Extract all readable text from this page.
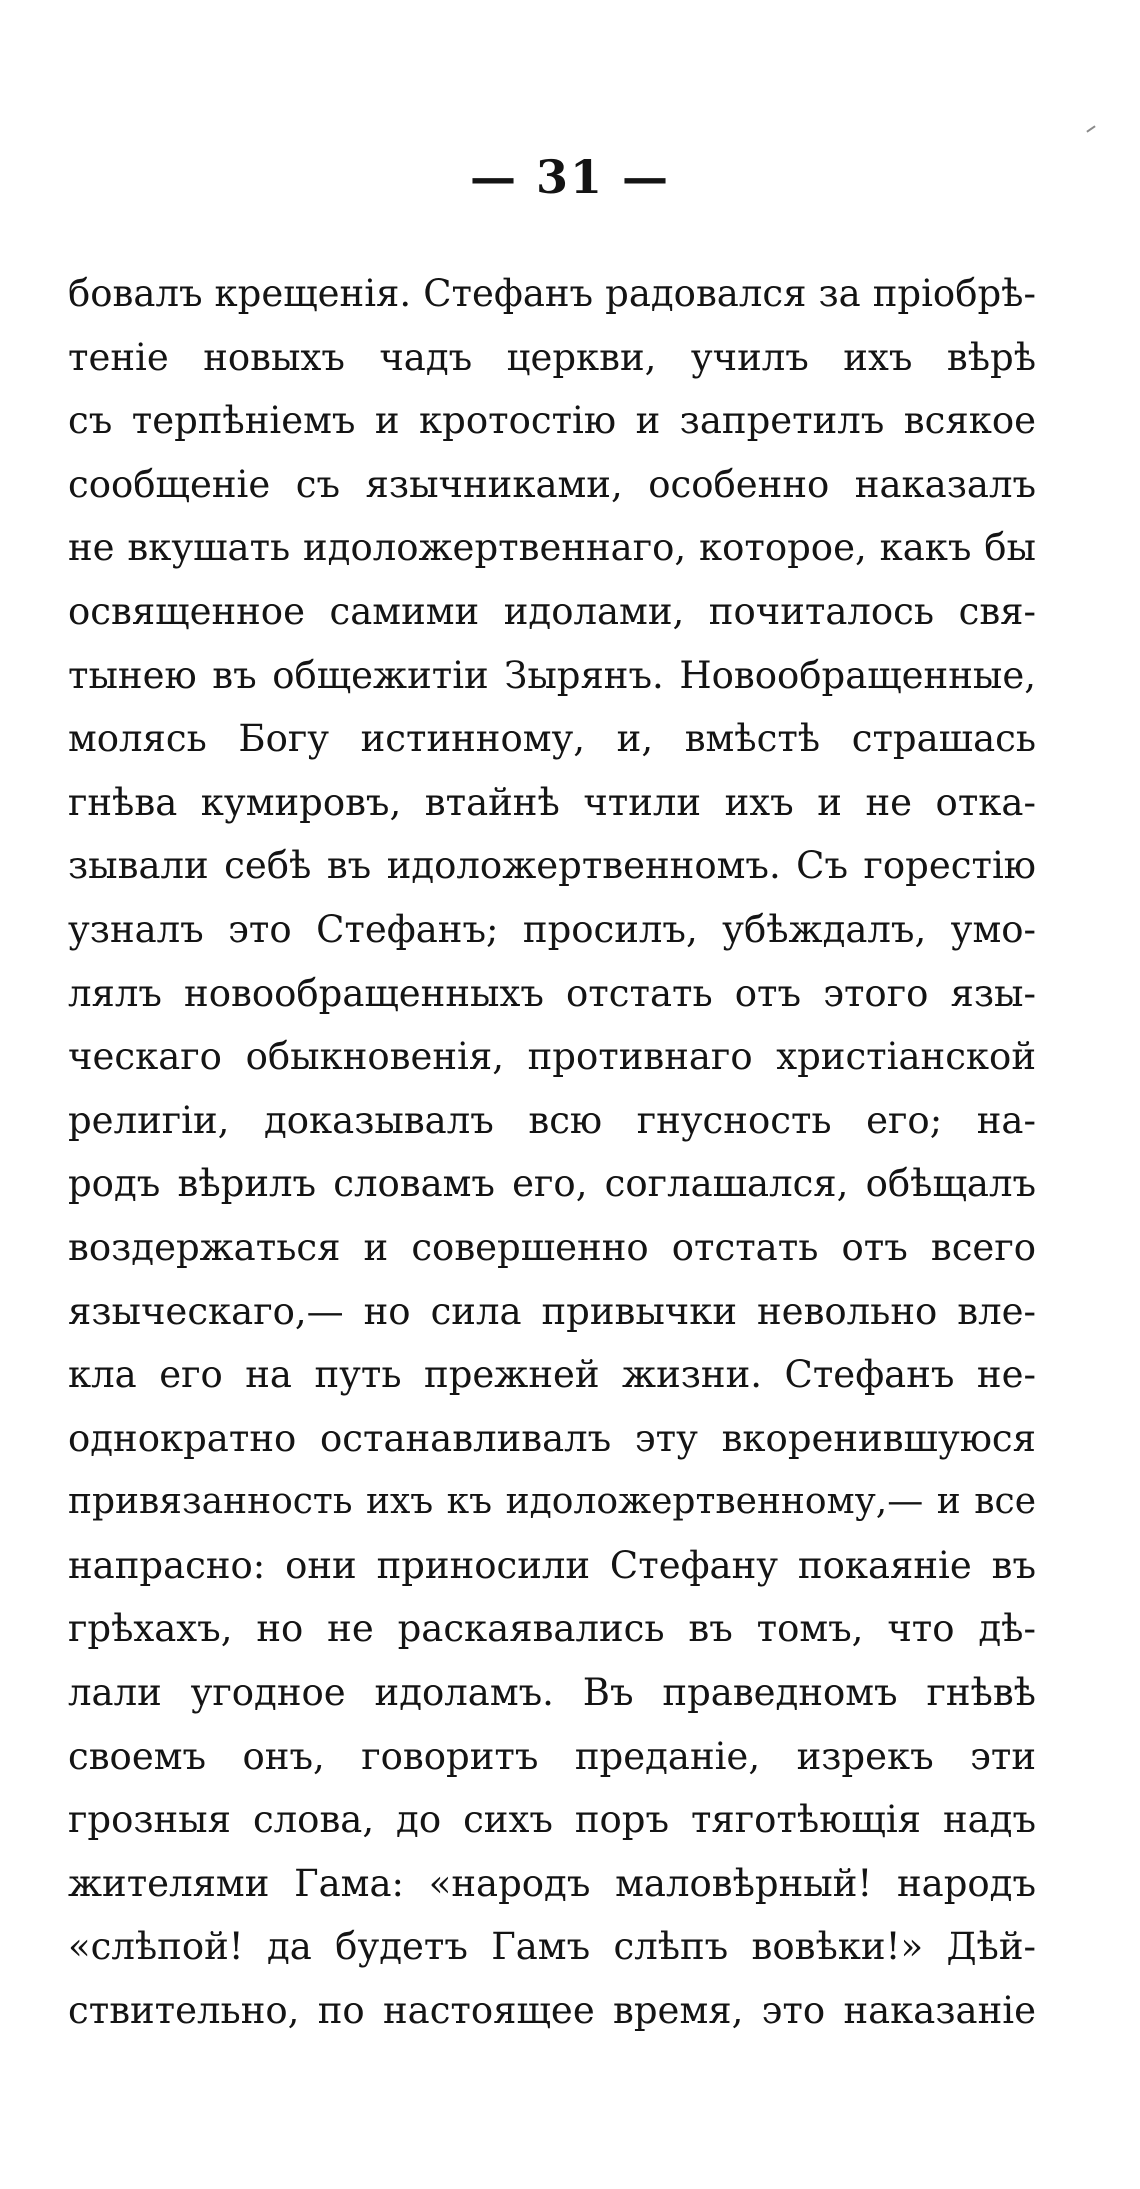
— 31 —
бовалъ крещенія. Стефанъ радовался за пріобрѣ-
теніе новыхъ чадъ церкви, училъ ихъ вѣрѣ
съ терпѣніемъ и кротостію и запретилъ всякое
сообщеніе съ язычниками, особенно наказалъ
не вкушать идоложертвеннаго, которое, какъ бы
освященное самими идолами, почиталось свя-
тынею въ общежитіи Зырянъ. Новообращенные,
молясь Богу истинному, и, вмѣстѣ страшась
гнѣва кумировъ, втайнѣ чтили ихъ и не отка-
зывали себѣ въ идоложертвенномъ. Съ горестію
узналъ это Стефанъ; просилъ, убѣждалъ, умо-
лялъ новообращенныхъ отстать отъ этого язы-
ческаго обыкновенія, противнаго христіанской
религіи, доказывалъ всю гнусность его; на-
родъ вѣрилъ словамъ его, соглашался, обѣщалъ
воздержаться и совершенно отстать отъ всего
языческаго,— но сила привычки невольно вле-
кла его на путь прежней жизни. Стефанъ не-
однократно останавливалъ эту вкоренившуюся
привязанность ихъ къ идоложертвенному,— и все
напрасно: они приносили Стефану покаяніе въ
грѣхахъ, но не раскаявались въ томъ, что дѣ-
лали угодное идоламъ. Въ праведномъ гнѣвѣ
своемъ онъ, говоритъ преданіе, изрекъ эти
грозныя слова, до сихъ поръ тяготѣющія надъ
жителями Гама: «народъ маловѣрный! народъ
«слѣпой! да будетъ Гамъ слѣпъ вовѣки!» Дѣй-
ствительно, по настоящее время, это наказаніе
